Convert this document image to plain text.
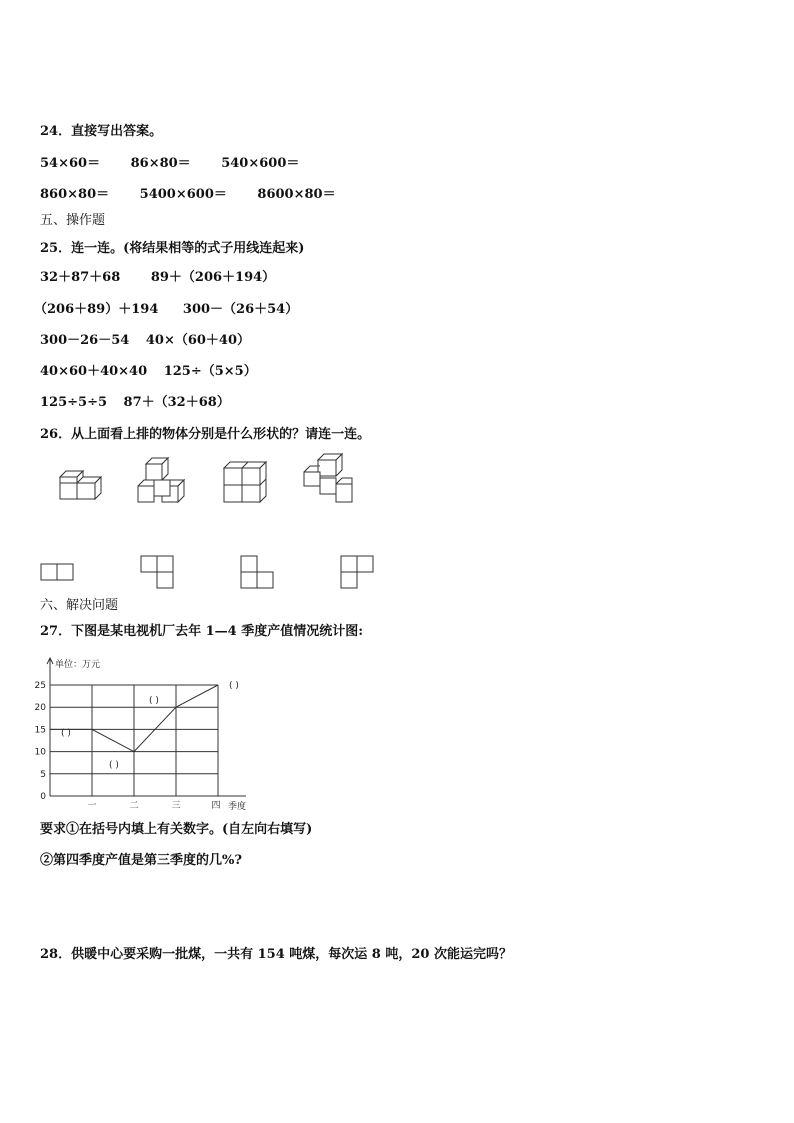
24．直接写出答案。
54×60＝ 86×80＝ 540×600＝
860×80＝ 5400×600＝ 8600×80＝
五、操作题
25．连一连。(将结果相等的式子用线连起来)
32＋87＋68 89＋（206＋194）
（206＋89）＋194 300－（26＋54）
300－26－54 40×（60＋40）
40×60＋40×40 125÷（5×5）
125÷5÷5 87＋（32＋68）
26．从上面看上排的物体分别是什么形状的？请连一连。
六、解决问题
27．下图是某电视机厂去年 1—4 季度产值情况统计图:
0
5
10
15
20
25
单位：万元
一	二	三	四 季度
( )
( )
( )
( )
要求①在括号内填上有关数字。(自左向右填写)
②第四季度产值是第三季度的几%?
28．供暖中心要采购一批煤，一共有 154 吨煤，每次运 8 吨，20 次能运完吗？
